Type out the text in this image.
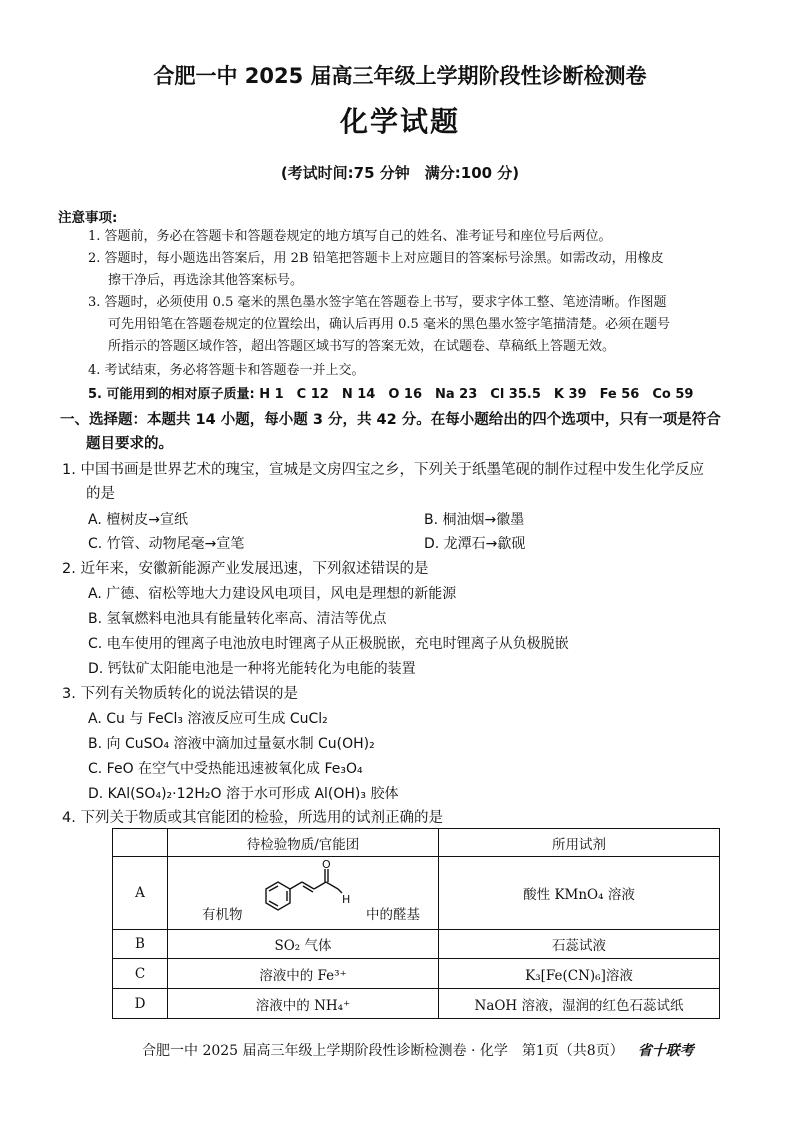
合肥一中 2025 届高三年级上学期阶段性诊断检测卷
化学试题
(考试时间:75 分钟　满分:100 分)
注意事项:
1. 答题前，务必在答题卡和答题卷规定的地方填写自己的姓名、准考证号和座位号后两位。
2. 答题时，每小题选出答案后，用 2B 铅笔把答题卡上对应题目的答案标号涂黑。如需改动，用橡皮
擦干净后，再选涂其他答案标号。
3. 答题时，必须使用 0.5 毫米的黑色墨水签字笔在答题卷上书写，要求字体工整、笔迹清晰。作图题
可先用铅笔在答题卷规定的位置绘出，确认后再用 0.5 毫米的黑色墨水签字笔描清楚。必须在题号
所指示的答题区域作答，超出答题区域书写的答案无效，在试题卷、草稿纸上答题无效。
4. 考试结束，务必将答题卡和答题卷一并上交。
5. 可能用到的相对原子质量: H 1　C 12　N 14　O 16　Na 23　Cl 35.5　K 39　Fe 56　Co 59
一、选择题：本题共 14 小题，每小题 3 分，共 42 分。在每小题给出的四个选项中，只有一项是符合
题目要求的。
1. 中国书画是世界艺术的瑰宝，宣城是文房四宝之乡，下列关于纸墨笔砚的制作过程中发生化学反应
的是
A. 檀树皮→宣纸	B. 桐油烟→徽墨
C. 竹管、动物尾毫→宣笔	D. 龙潭石→歙砚
2. 近年来，安徽新能源产业发展迅速，下列叙述错误的是
A. 广德、宿松等地大力建设风电项目，风电是理想的新能源
B. 氢氧燃料电池具有能量转化率高、清洁等优点
C. 电车使用的锂离子电池放电时锂离子从正极脱嵌，充电时锂离子从负极脱嵌
D. 钙钛矿太阳能电池是一种将光能转化为电能的装置
3. 下列有关物质转化的说法错误的是
A. Cu 与 FeCl₃ 溶液反应可生成 CuCl₂
B. 向 CuSO₄ 溶液中滴加过量氨水制 Cu(OH)₂
C. FeO 在空气中受热能迅速被氧化成 Fe₃O₄
D. KAl(SO₄)₂·12H₂O 溶于水可形成 Al(OH)₃ 胶体
4. 下列关于物质或其官能团的检验，所选用的试剂正确的是
	待检验物质/官能团	所用试剂
A	有机物
O
H
中的醛基	酸性 KMnO₄ 溶液
B	SO₂ 气体	石蕊试液
C	溶液中的 Fe³⁺	K₃[Fe(CN)₆]溶液
D	溶液中的 NH₄⁺	NaOH 溶液，湿润的红色石蕊试纸
合肥一中 2025 届高三年级上学期阶段性诊断检测卷 · 化学　第1页（共8页） 省十联考
